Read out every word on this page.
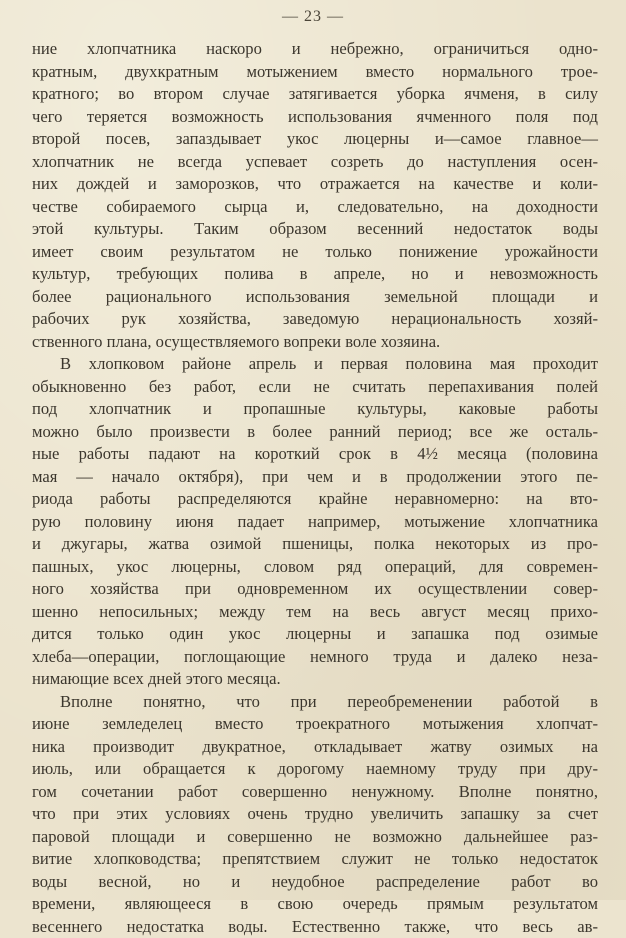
— 23 —
ние хлопчатника наскоро и небрежно, ограничиться одно-
кратным, двухкратным мотыжением вместо нормального трое-
кратного; во втором случае затягивается уборка ячменя, в силу
чего теряется возможность использования ячменного поля под
второй посев, запаздывает укос люцерны и—самое главное—
хлопчатник не всегда успевает созреть до наступления осен-
них дождей и заморозков, что отражается на качестве и коли-
честве собираемого сырца и, следовательно, на доходности
этой культуры. Таким образом весенний недостаток воды
имеет своим результатом не только понижение урожайности
культур, требующих полива в апреле, но и невозможность
более рационального использования земельной площади и
рабочих рук хозяйства, заведомую нерациональность хозяй-
ственного плана, осуществляемого вопреки воле хозяина.
В хлопковом районе апрель и первая половина мая проходит
обыкновенно без работ, если не считать перепахивания полей
под хлопчатник и пропашные культуры, каковые работы
можно было произвести в более ранний период; все же осталь-
ные работы падают на короткий срок в 4½ месяца (половина
мая — начало октября), при чем и в продолжении этого пе-
риода работы распределяются крайне неравномерно: на вто-
рую половину июня падает например, мотыжение хлопчатника
и джугары, жатва озимой пшеницы, полка некоторых из про-
пашных, укос люцерны, словом ряд операций, для современ-
ного хозяйства при одновременном их осуществлении совер-
шенно непосильных; между тем на весь август месяц прихо-
дится только один укос люцерны и запашка под озимые
хлеба—операции, поглощающие немного труда и далеко неза-
нимающие всех дней этого месяца.
Вполне понятно, что при переобременении работой в
июне земледелец вместо троекратного мотыжения хлопчат-
ника производит двукратное, откладывает жатву озимых на
июль, или обращается к дорогому наемному труду при дру-
гом сочетании работ совершенно ненужному. Вполне понятно,
что при этих условиях очень трудно увеличить запашку за счет
паровой площади и совершенно не возможно дальнейшее раз-
витие хлопководства; препятствием служит не только недостаток
воды весной, но и неудобное распределение работ во
времени, являющееся в свою очередь прямым результатом
весеннего недостатка воды. Естественно также, что весь ав-
